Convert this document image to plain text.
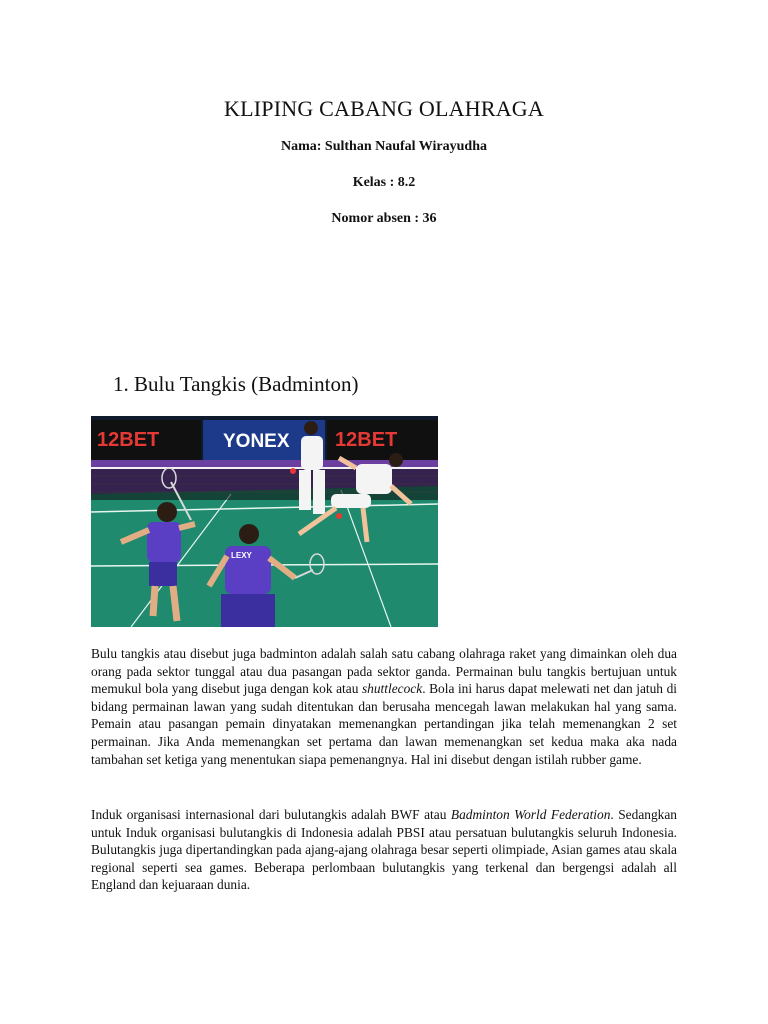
KLIPING CABANG OLAHRAGA

Nama: Sulthan Naufal Wirayudha

Kelas : 8.2

Nomor absen : 36

1. Bulu Tangkis (Badminton)
12BET	YONEX 12BET
LEXY

Bulu tangkis atau disebut juga badminton adalah salah satu cabang olahraga raket yang dimainkan oleh dua orang pada sektor tunggal atau dua pasangan pada sektor ganda. Permainan bulu tangkis bertujuan untuk memukul bola yang disebut juga dengan kok atau shuttlecock. Bola ini harus dapat melewati net dan jatuh di bidang permainan lawan yang sudah ditentukan dan berusaha mencegah lawan melakukan hal yang sama. Pemain atau pasangan pemain dinyatakan memenangkan pertandingan jika telah memenangkan 2 set permainan. Jika Anda memenangkan set pertama dan lawan memenangkan set kedua maka aka nada tambahan set ketiga yang menentukan siapa pemenangnya. Hal ini disebut dengan istilah rubber game.

Induk organisasi internasional dari bulutangkis adalah BWF atau Badminton World Federation. Sedangkan untuk Induk organisasi bulutangkis di Indonesia adalah PBSI atau persatuan bulutangkis seluruh Indonesia. Bulutangkis juga dipertandingkan pada ajang-ajang olahraga besar seperti olimpiade, Asian games atau skala regional seperti sea games. Beberapa perlombaan bulutangkis yang terkenal dan bergengsi adalah all England dan kejuaraan dunia.
